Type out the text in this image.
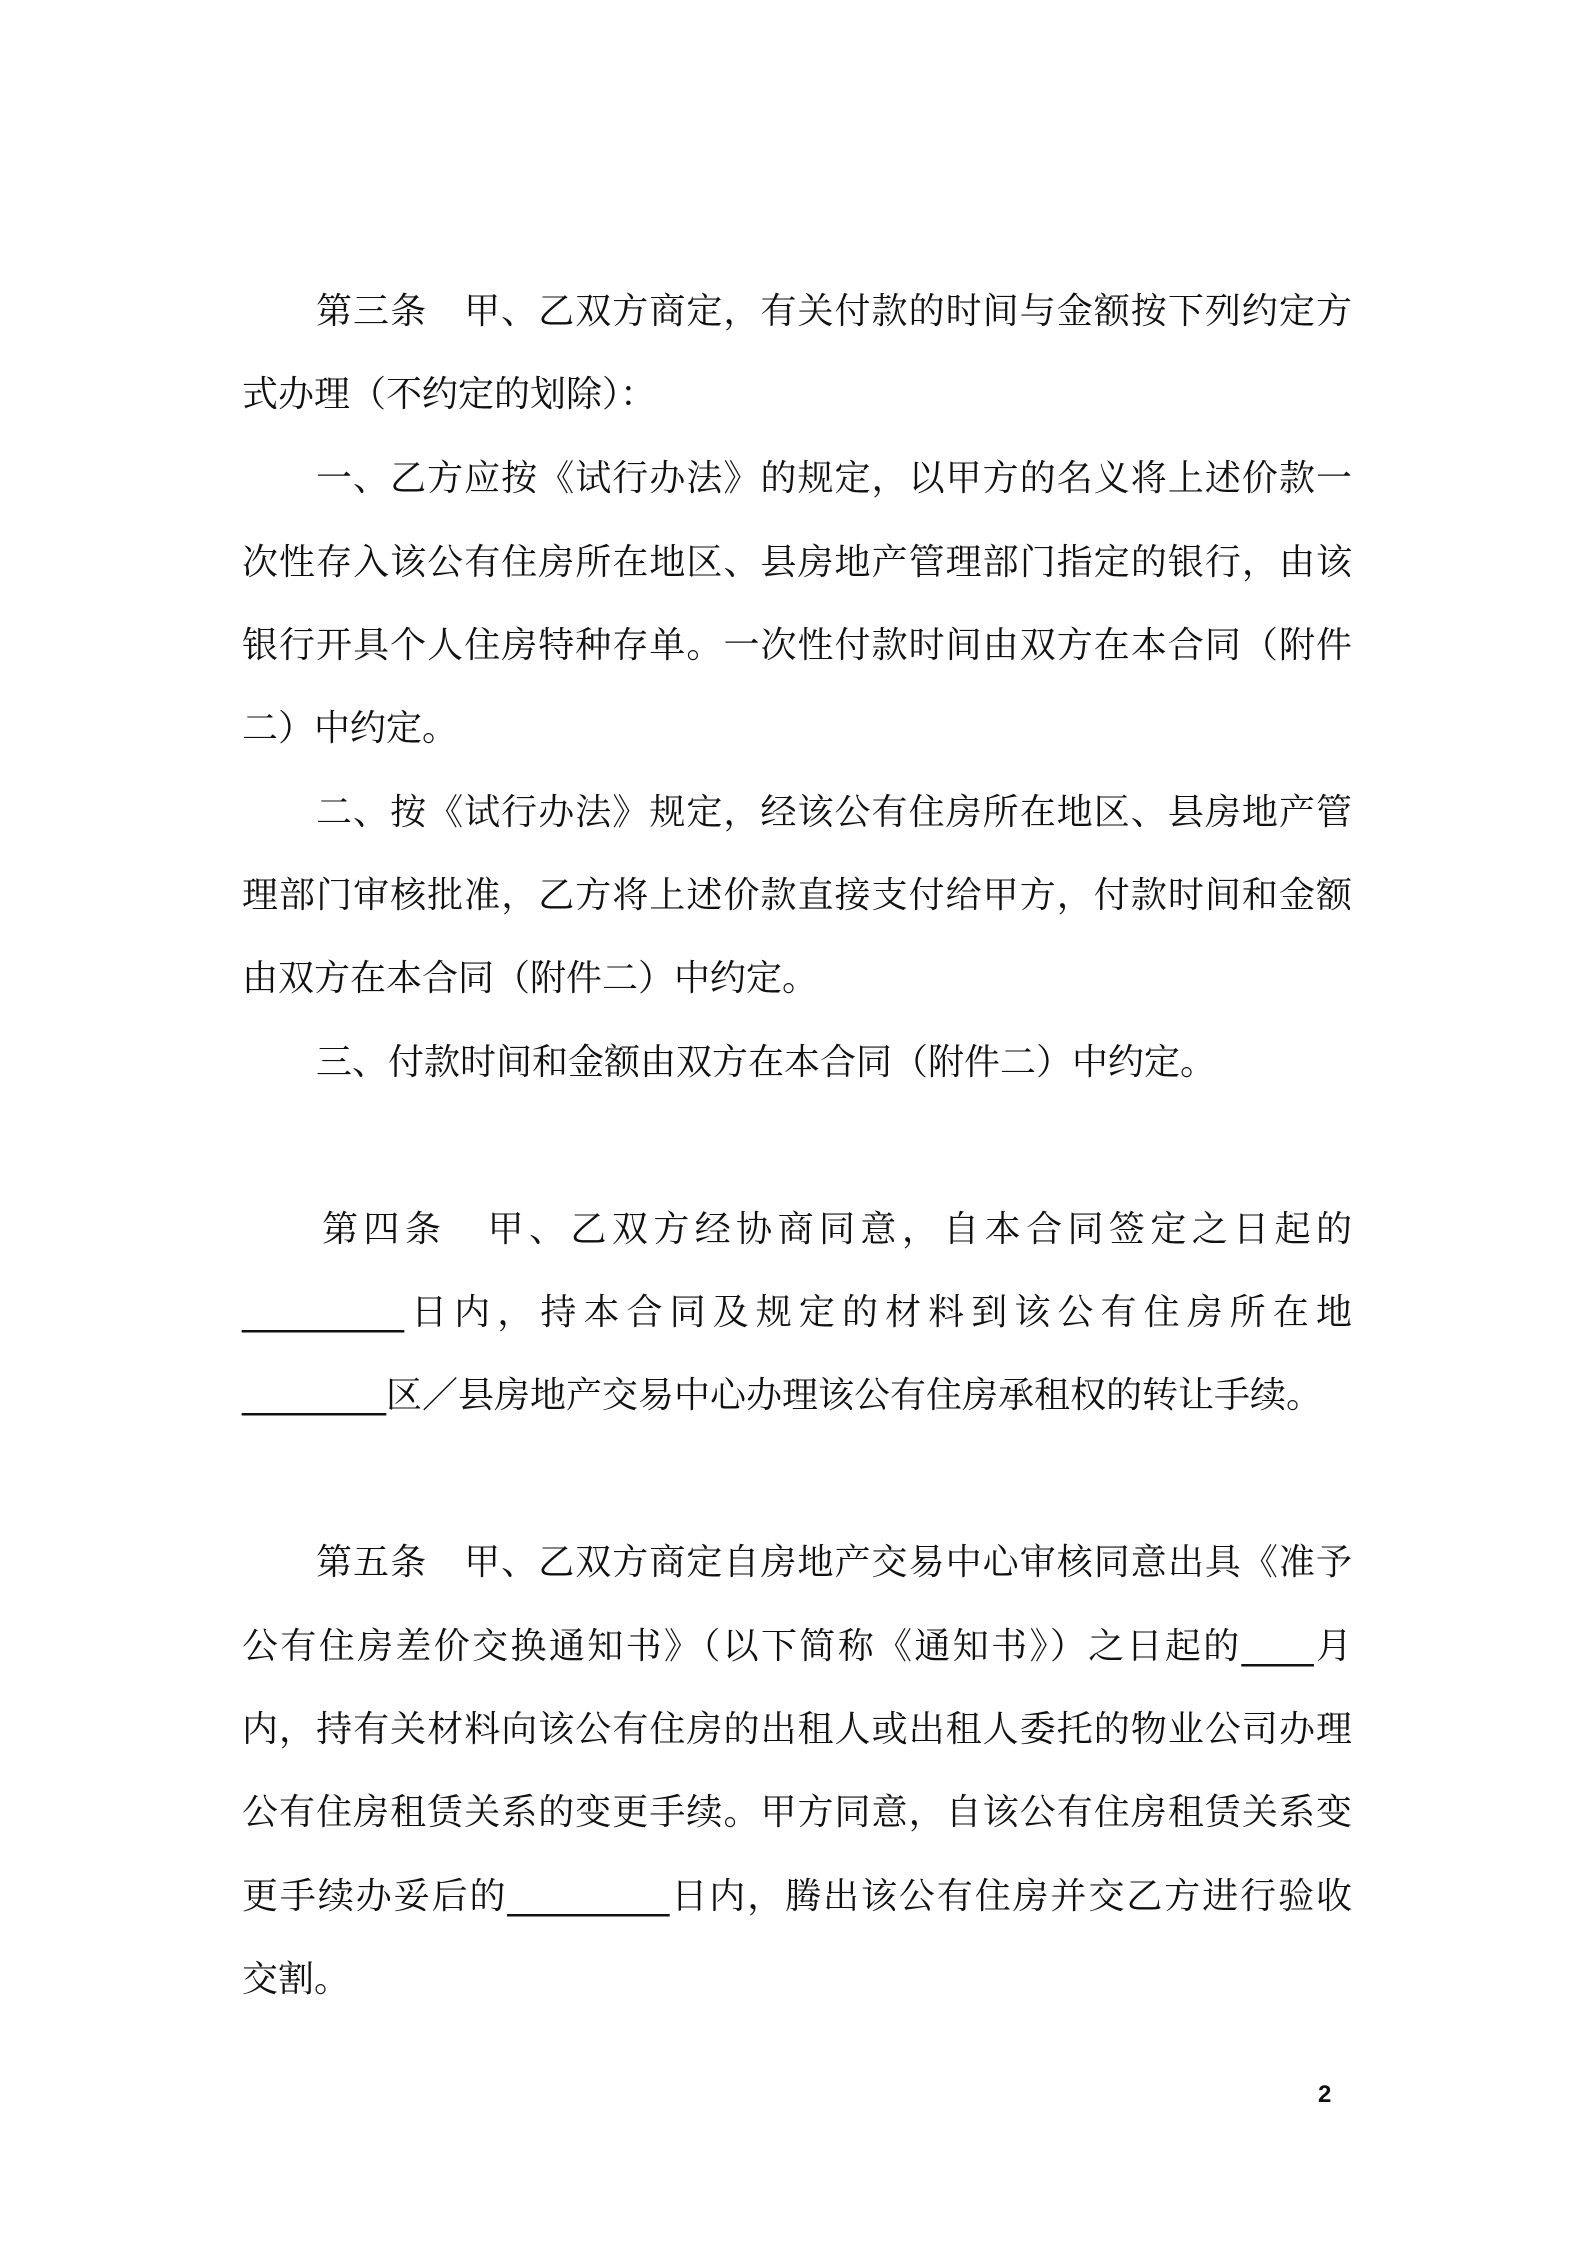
第三条　甲、乙双方商定，有关付款的时间与金额按下列约定方
式办理（不约定的划除）：
一、乙方应按《试行办法》的规定，以甲方的名义将上述价款一
次性存入该公有住房所在地区、县房地产管理部门指定的银行，由该
银行开具个人住房特种存单。一次性付款时间由双方在本合同（附件
二）中约定。
二、按《试行办法》规定，经该公有住房所在地区、县房地产管
理部门审核批准，乙方将上述价款直接支付给甲方，付款时间和金额
由双方在本合同（附件二）中约定。
三、付款时间和金额由双方在本合同（附件二）中约定。
第四条　甲、乙双方经协商同意，自本合同签定之日起的
_________日内，持本合同及规定的材料到该公有住房所在地
________区／县房地产交易中心办理该公有住房承租权的转让手续。
第五条　甲、乙双方商定自房地产交易中心审核同意出具《准予
公有住房差价交换通知书》（以下简称《通知书》）之日起的____月
内，持有关材料向该公有住房的出租人或出租人委托的物业公司办理
公有住房租赁关系的变更手续。甲方同意，自该公有住房租赁关系变
更手续办妥后的_________日内，腾出该公有住房并交乙方进行验收
交割。
2
